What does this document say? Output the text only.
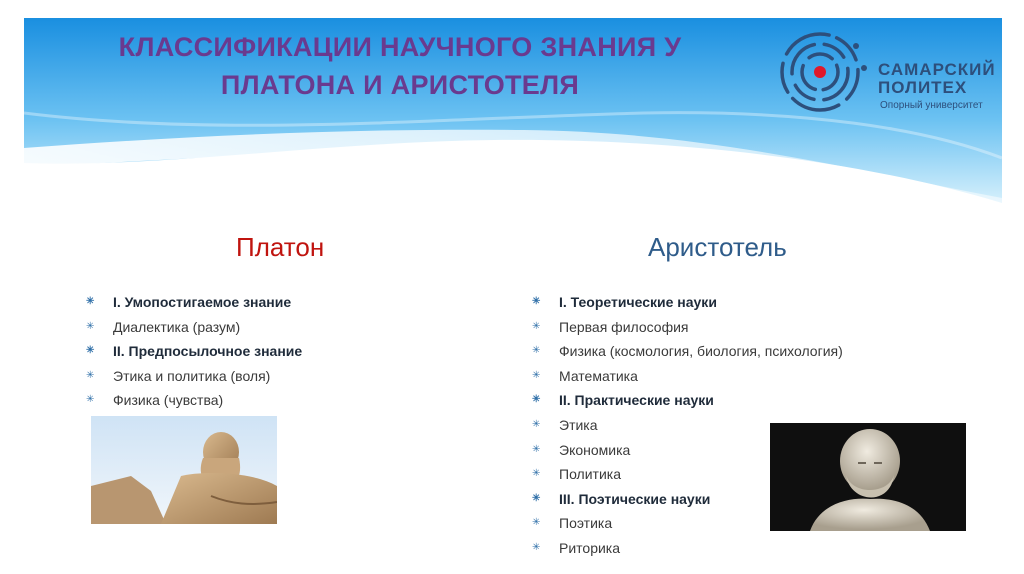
КЛАССИФИКАЦИИ НАУЧНОГО ЗНАНИЯ У ПЛАТОНА И АРИСТОТЕЛЯ
САМАРСКИЙ
ПОЛИТЕХ
Опорный университет
Платон	Аристотель
✳ I. Умопостигаемое знание
✳ Диалектика (разум)
✳ II. Предпосылочное знание
✳ Этика и политика (воля)
✳ Физика (чувства)
✳ I. Теоретические науки
✳ Первая философия
✳ Физика (космология, биология, психология)
✳ Математика
✳ II. Практические науки
✳ Этика
✳ Экономика
✳ Политика
✳ III. Поэтические науки
✳ Поэтика
✳ Риторика
